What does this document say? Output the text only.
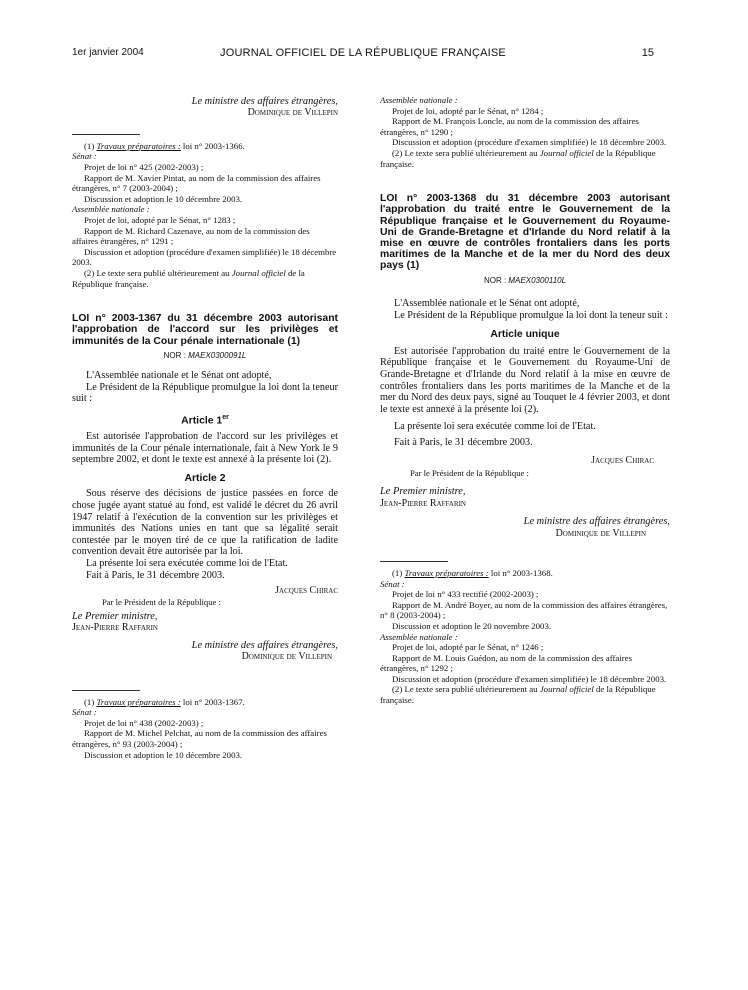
1er janvier 2004	JOURNAL OFFICIEL DE LA RÉPUBLIQUE FRANÇAISE	15

Le ministre des affaires étrangères,

Dominique de Villepin

(1) Travaux préparatoires : loi n° 2003-1366.

Sénat :

Projet de loi n° 425 (2002-2003) ;

Rapport de M. Xavier Pintat, au nom de la commission des affaires étrangères, n° 7 (2003-2004) ;

Discussion et adoption le 10 décembre 2003.

Assemblée nationale :

Projet de loi, adopté par le Sénat, n° 1283 ;

Rapport de M. Richard Cazenave, au nom de la commission des affaires étrangères, n° 1291 ;

Discussion et adoption (procédure d'examen simplifiée) le 18 décembre 2003.

(2) Le texte sera publié ultérieurement au Journal officiel de la République française.

LOI n° 2003-1367 du 31 décembre 2003 autorisant l'approbation de l'accord sur les privilèges et immunités de la Cour pénale internationale (1)

NOR : MAEX0300091L

L'Assemblée nationale et le Sénat ont adopté,

Le Président de la République promulgue la loi dont la teneur suit :

Article 1er

Est autorisée l'approbation de l'accord sur les privilèges et immunités de la Cour pénale internationale, fait à New York le 9 septembre 2002, et dont le texte est annexé à la présente loi (2).

Article 2

Sous réserve des décisions de justice passées en force de chose jugée ayant statué au fond, est validé le décret du 26 avril 1947 relatif à l'exécution de la convention sur les privilèges et immunités des Nations unies en tant que sa légalité serait contestée par le moyen tiré de ce que la ratification de ladite convention devait être autorisée par la loi.

La présente loi sera exécutée comme loi de l'Etat.

Fait à Paris, le 31 décembre 2003.

Jacques Chirac

Par le Président de la République :

Le Premier ministre,

Jean-Pierre Raffarin

Le ministre des affaires étrangères,

Dominique de Villepin

(1) Travaux préparatoires : loi n° 2003-1367.

Sénat :

Projet de loi n° 438 (2002-2003) ;

Rapport de M. Michel Pelchat, au nom de la commission des affaires étrangères, n° 93 (2003-2004) ;

Discussion et adoption le 10 décembre 2003.

Assemblée nationale :

Projet de loi, adopté par le Sénat, n° 1284 ;

Rapport de M. François Loncle, au nom de la commission des affaires étrangères, n° 1290 ;

Discussion et adoption (procédure d'examen simplifiée) le 18 décembre 2003.

(2) Le texte sera publié ultérieurement au Journal officiel de la République française.

LOI n° 2003-1368 du 31 décembre 2003 autorisant l'approbation du traité entre le Gouvernement de la République française et le Gouvernement du Royaume-Uni de Grande-Bretagne et d'Irlande du Nord relatif à la mise en œuvre de contrôles frontaliers dans les ports maritimes de la Manche et de la mer du Nord des deux pays (1)

NOR : MAEX0300110L

L'Assemblée nationale et le Sénat ont adopté,

Le Président de la République promulgue la loi dont la teneur suit :

Article unique

Est autorisée l'approbation du traité entre le Gouvernement de la République française et le Gouvernement du Royaume-Uni de Grande-Bretagne et d'Irlande du Nord relatif à la mise en œuvre de contrôles frontaliers dans les ports maritimes de la Manche et de la mer du Nord des deux pays, signé au Touquet le 4 février 2003, et dont le texte est annexé à la présente loi (2).

La présente loi sera exécutée comme loi de l'Etat.

Fait à Paris, le 31 décembre 2003.

Jacques Chirac

Par le Président de la République :

Le Premier ministre,

Jean-Pierre Raffarin

Le ministre des affaires étrangères,

Dominique de Villepin

(1) Travaux préparatoires : loi n° 2003-1368.

Sénat :

Projet de loi n° 433 rectifié (2002-2003) ;

Rapport de M. André Boyer, au nom de la commission des affaires étrangères, n° 8 (2003-2004) ;

Discussion et adoption le 20 novembre 2003.

Assemblée nationale :

Projet de loi, adopté par le Sénat, n° 1246 ;

Rapport de M. Louis Guédon, au nom de la commission des affaires étrangères, n° 1292 ;

Discussion et adoption (procédure d'examen simplifiée) le 18 décembre 2003.

(2) Le texte sera publié ultérieurement au Journal officiel de la République française.
